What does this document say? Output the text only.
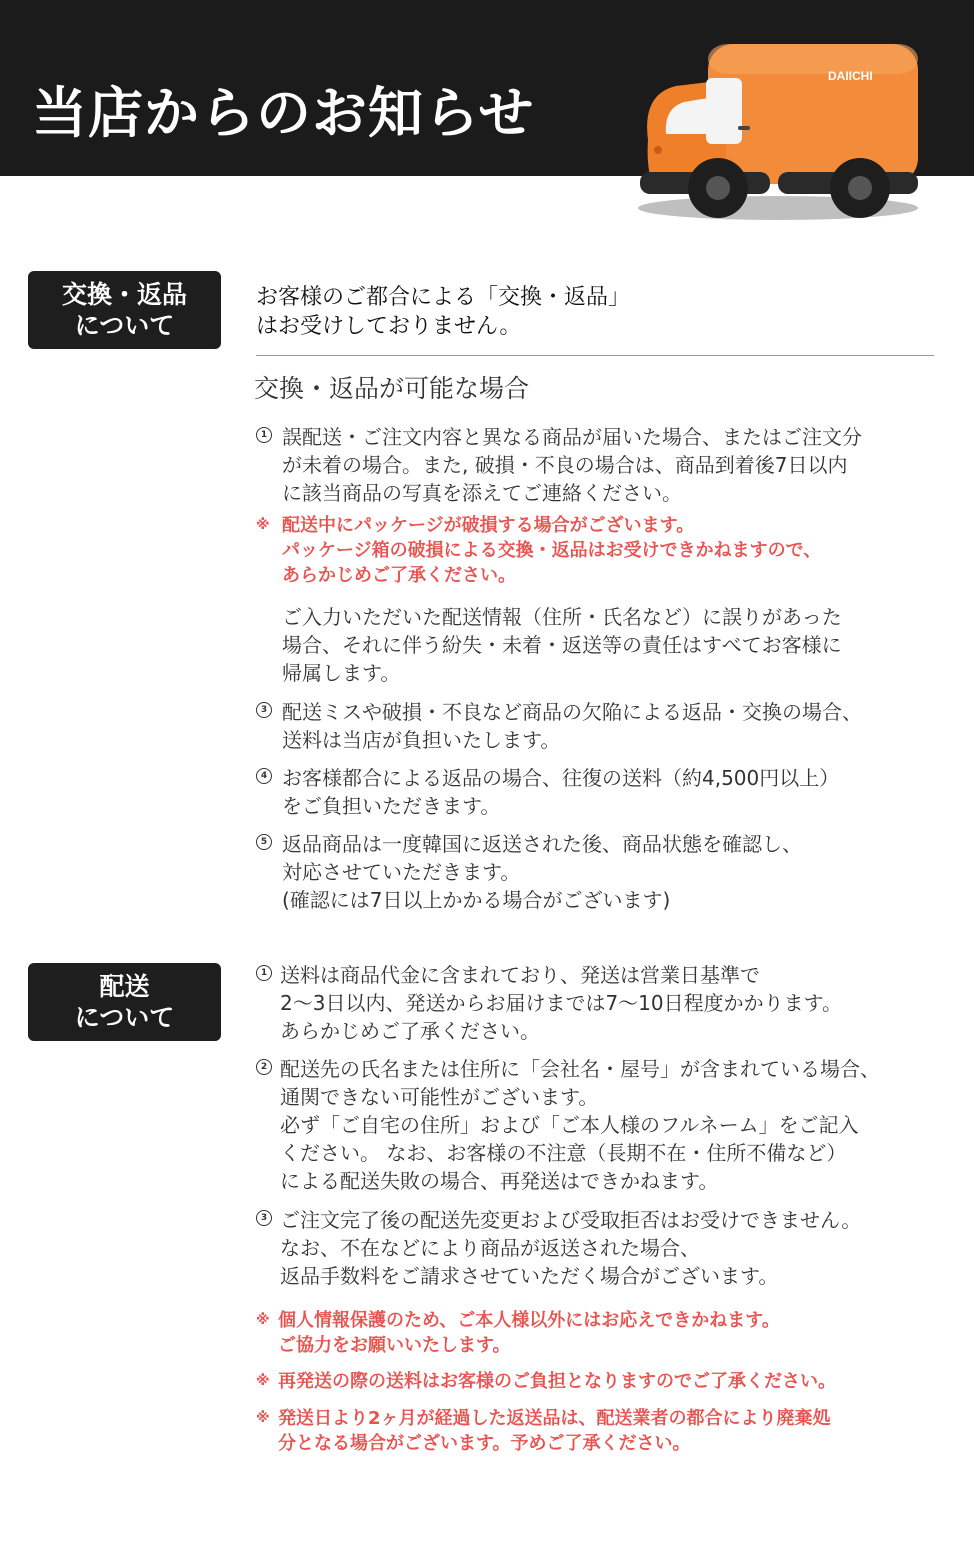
当店からのお知らせ
DAIICHI
交換・返品
について
お客様のご都合による「交換・返品」
はお受けしておりません。
交換・返品が可能な場合
1 誤配送・ご注文内容と異なる商品が届いた場合、またはご注文分
が未着の場合。また, 破損・不良の場合は、商品到着後7日以内
に該当商品の写真を添えてご連絡ください。
※ 配送中にパッケージが破損する場合がございます。
パッケージ箱の破損による交換・返品はお受けできかねますので、
あらかじめご了承ください。
ご入力いただいた配送情報（住所・氏名など）に誤りがあった
場合、それに伴う紛失・未着・返送等の責任はすべてお客様に
帰属します。
3 配送ミスや破損・不良など商品の欠陥による返品・交換の場合、
送料は当店が負担いたします。
4 お客様都合による返品の場合、往復の送料（約4,500円以上）
をご負担いただきます。
5 返品商品は一度韓国に返送された後、商品状態を確認し、
対応させていただきます。
(確認には7日以上かかる場合がございます)
配送
について
1 送料は商品代金に含まれており、発送は営業日基準で
2〜3日以内、発送からお届けまでは7〜10日程度かかります。
あらかじめご了承ください。
2 配送先の氏名または住所に「会社名・屋号」が含まれている場合、
通関できない可能性がございます。
必ず「ご自宅の住所」および「ご本人様のフルネーム」をご記入
ください。 なお、お客様の不注意（長期不在・住所不備など）
による配送失敗の場合、再発送はできかねます。
3 ご注文完了後の配送先変更および受取拒否はお受けできません。
なお、不在などにより商品が返送された場合、
返品手数料をご請求させていただく場合がございます。
※ 個人情報保護のため、ご本人様以外にはお応えできかねます。
ご協力をお願いいたします。
※ 再発送の際の送料はお客様のご負担となりますのでご了承ください。
※ 発送日より2ヶ月が経過した返送品は、配送業者の都合により廃棄処
分となる場合がございます。予めご了承ください。
